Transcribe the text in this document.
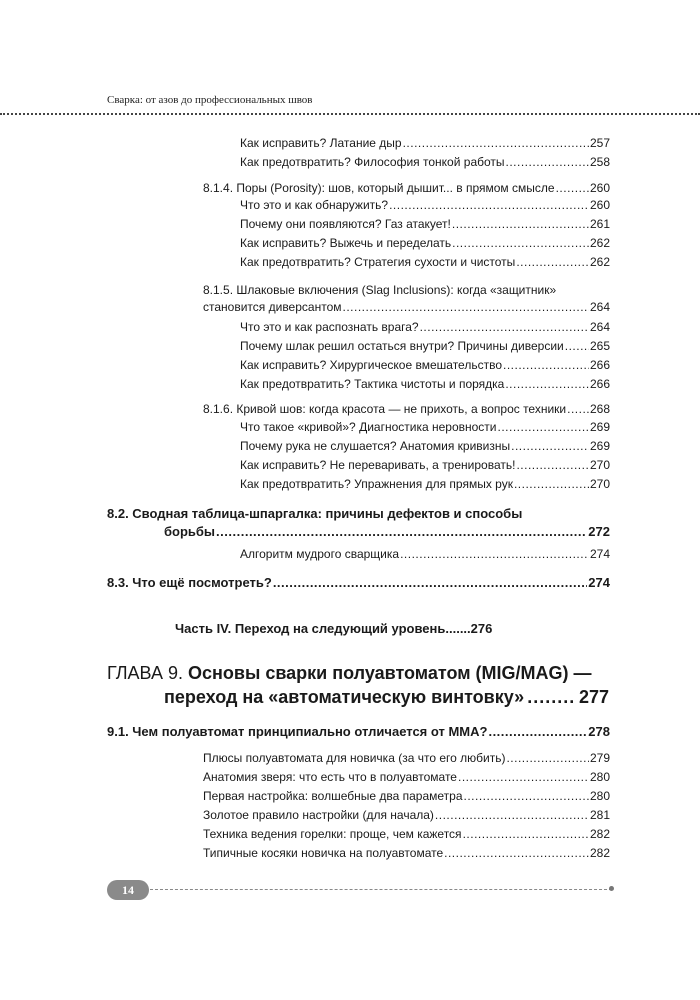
Сварка: от азов до профессиональных швов
Как исправить? Латание дыр .....	257
Как предотвратить? Философия тонкой работы .....	258
8.1.4. Поры (Porosity): шов, который дышит... в прямом смысле .....	260
Что это и как обнаружить? .....	260
Почему они появляются? Газ атакует! .....	261
Как исправить? Выжечь и переделать .....	262
Как предотвратить? Стратегия сухости и чистоты .....	262
8.1.5. Шлаковые включения (Slag Inclusions): когда «защитник»
становится диверсантом .....	264
Что это и как распознать врага? .....	264
Почему шлак решил остаться внутри? Причины диверсии ..... 265
Как исправить? Хирургическое вмешательство .....	266
Как предотвратить? Тактика чистоты и порядка .....	266
8.1.6. Кривой шов: когда красота — не прихоть, а вопрос техники ..... 268
Что такое «кривой»? Диагностика неровности .....	269
Почему рука не слушается? Анатомия кривизны .....	269
Как исправить? Не переваривать, а тренировать! .....	270
Как предотвратить? Упражнения для прямых рук .....	270
8.2. Сводная таблица-шпаргалка: причины дефектов и способы
борьбы .....	272
Алгоритм мудрого сварщика .....	274
8.3. Что ещё посмотреть? .....	274
Часть IV. Переход на следующий уровень.......276
ГЛАВА 9. Основы сварки полуавтоматом (MIG/MAG) —
переход на «автоматическую винтовку» .....	277
9.1. Чем полуавтомат принципиально отличается от MMA? .....	278
Плюсы полуавтомата для новичка (за что его любить) .....	279
Анатомия зверя: что есть что в полуавтомате .....	280
Первая настройка: волшебные два параметра .....	280
Золотое правило настройки (для начала) .....	281
Техника ведения горелки: проще, чем кажется .....	282
Типичные косяки новичка на полуавтомате .....	282
14
